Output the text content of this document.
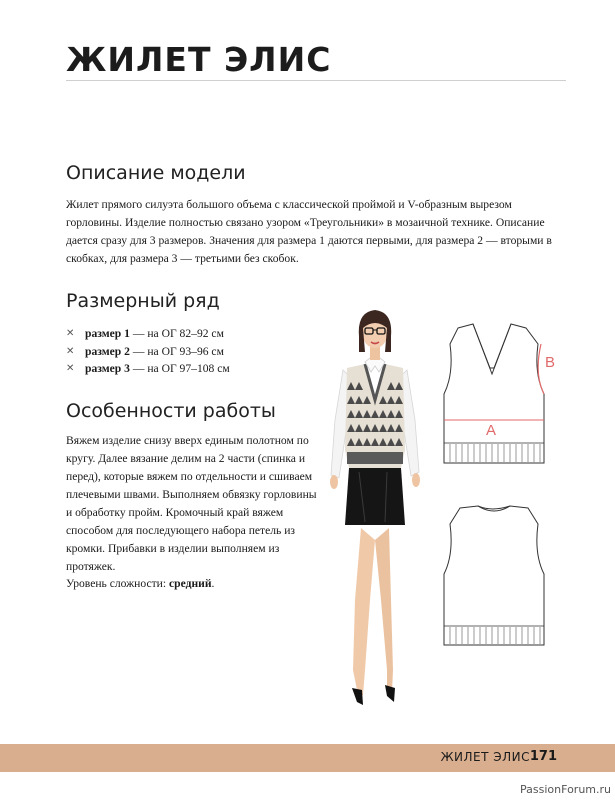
ЖИЛЕТ ЭЛИС
Описание модели

Жилет прямого силуэта большого объема с классической проймой и V-образным вырезом горловины. Изделие полностью связано узором «Треугольники» в мозаичной технике. Описание дается сразу для 3 размеров. Значения для размера 1 даются первыми, для размера 2 — вторыми в скобках, для размера 3 — третьими без скобок.

Размерный ряд
✕ размер 1 — на ОГ 82–92 см
✕ размер 2 — на ОГ 93–96 см
✕ размер 3 — на ОГ 97–108 см
Особенности работы

Вяжем изделие снизу вверх единым полотном по кругу. Далее вязание делим на 2 части (спинка и перед), которые вяжем по отдельности и сшиваем плечевыми швами. Выполняем обвязку горловины и обработку пройм. Кромочный край вяжем способом для последующего набора петель из кромки. Прибавки в изделии выполняем из протяжек.

Уровень сложности: средний.

A
B
ЖИЛЕТ ЭЛИС 171
PassionForum.ru
